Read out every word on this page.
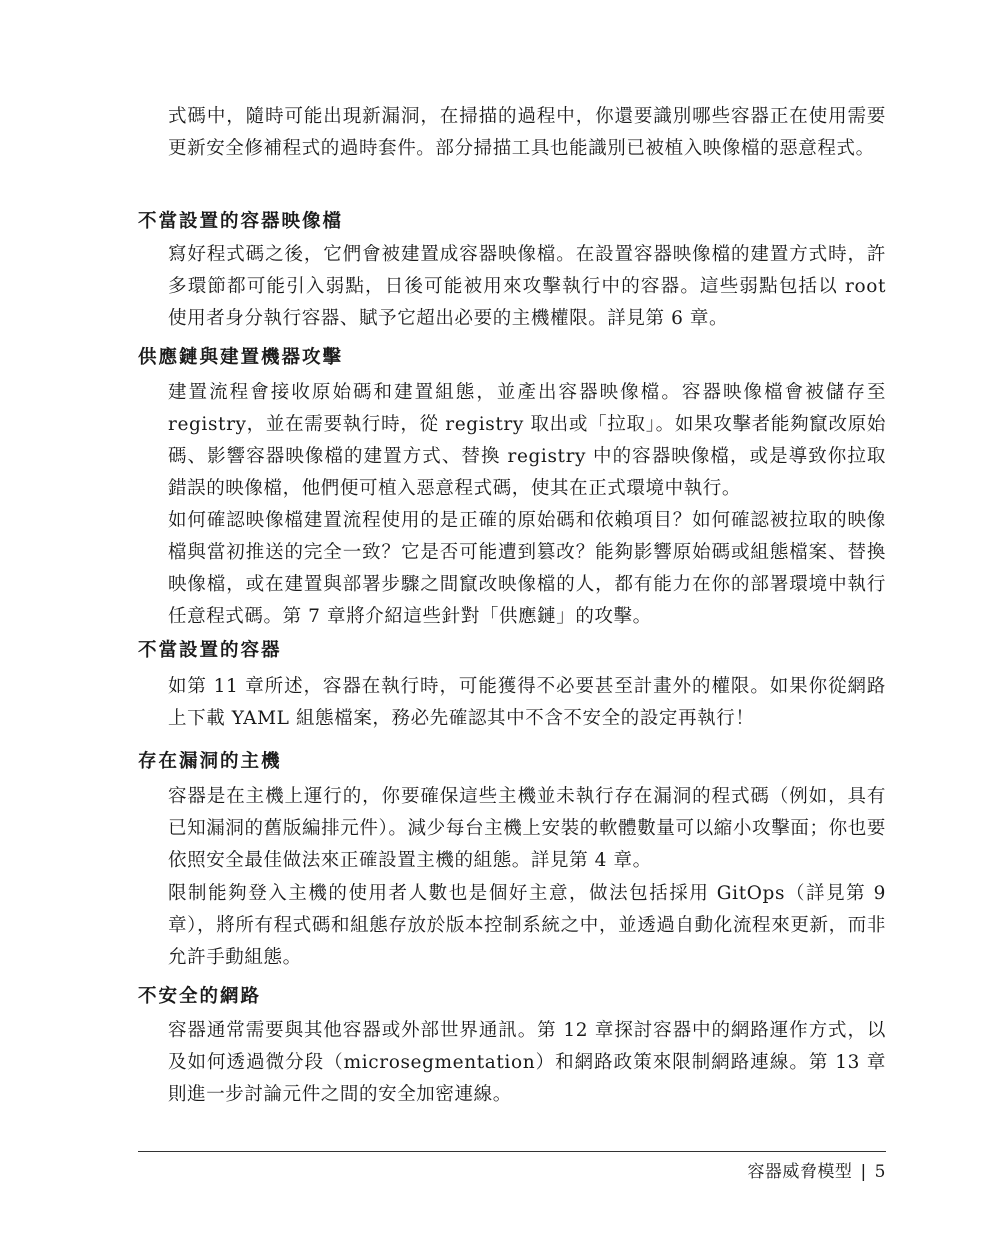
式碼中，隨時可能出現新漏洞，在掃描的過程中，你還要識別哪些容器正在使用需要更新安全修補程式的過時套件。部分掃描工具也能識別已被植入映像檔的惡意程式。

不當設置的容器映像檔

寫好程式碼之後，它們會被建置成容器映像檔。在設置容器映像檔的建置方式時，許多環節都可能引入弱點，日後可能被用來攻擊執行中的容器。這些弱點包括以 root 使用者身分執行容器、賦予它超出必要的主機權限。詳見第 6 章。

供應鏈與建置機器攻擊

建置流程會接收原始碼和建置組態，並產出容器映像檔。容器映像檔會被儲存至 registry，並在需要執行時，從 registry 取出或「拉取」。如果攻擊者能夠竄改原始碼、影響容器映像檔的建置方式、替換 registry 中的容器映像檔，或是導致你拉取錯誤的映像檔，他們便可植入惡意程式碼，使其在正式環境中執行。

如何確認映像檔建置流程使用的是正確的原始碼和依賴項目？如何確認被拉取的映像檔與當初推送的完全一致？它是否可能遭到篡改？能夠影響原始碼或組態檔案、替換映像檔，或在建置與部署步驟之間竄改映像檔的人，都有能力在你的部署環境中執行任意程式碼。第 7 章將介紹這些針對「供應鏈」的攻擊。

不當設置的容器

如第 11 章所述，容器在執行時，可能獲得不必要甚至計畫外的權限。如果你從網路上下載 YAML 組態檔案，務必先確認其中不含不安全的設定再執行！

存在漏洞的主機

容器是在主機上運行的，你要確保這些主機並未執行存在漏洞的程式碼（例如，具有已知漏洞的舊版編排元件）。減少每台主機上安裝的軟體數量可以縮小攻擊面；你也要依照安全最佳做法來正確設置主機的組態。詳見第 4 章。

限制能夠登入主機的使用者人數也是個好主意，做法包括採用 GitOps（詳見第 9 章），將所有程式碼和組態存放於版本控制系統之中，並透過自動化流程來更新，而非允許手動組態。

不安全的網路

容器通常需要與其他容器或外部世界通訊。第 12 章探討容器中的網路運作方式，以及如何透過微分段（microsegmentation）和網路政策來限制網路連線。第 13 章則進一步討論元件之間的安全加密連線。

容器威脅模型 | 5
